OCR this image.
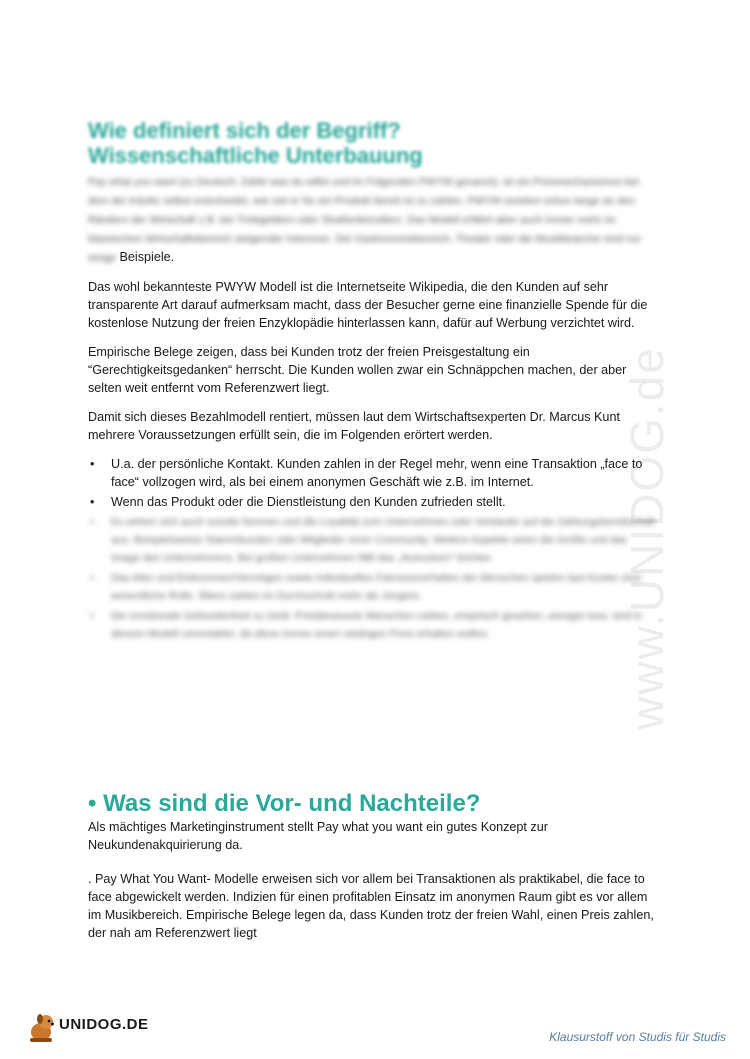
www.UNIDOG.de
Wie definiert sich der Begriff?
Wissenschaftliche Unterbauung

Pay what you want (zu Deutsch: Zahle was du willst und im Folgenden PWYW genannt), ist ein Preismechanismus bei dem der Käufer selbst entscheidet, wie viel er für ein Produkt bereit ist zu zahlen. PWYW existiert schon lange an den Rändern der Wirtschaft z.B. bei Trinkgeldern oder Straßenkünstlern. Das Modell erfährt aber auch immer mehr im klassischen Wirtschaftsbereich steigender Interesse. Der Gastronomiebereich, Theater oder die Musikbranche sind nur einige Beispiele.

Das wohl bekannteste PWYW Modell ist die Internetseite Wikipedia, die den Kunden auf sehr transparente Art darauf aufmerksam macht, dass der Besucher gerne eine finanzielle Spende für die kostenlose Nutzung der freien Enzyklopädie hinterlassen kann, dafür auf Werbung verzichtet wird.

Empirische Belege zeigen, dass bei Kunden trotz der freien Preisgestaltung ein “Gerechtigkeitsgedanken“ herrscht. Die Kunden wollen zwar ein Schnäppchen machen, der aber selten weit entfernt vom Referenzwert liegt.

Damit sich dieses Bezahlmodell rentiert, müssen laut dem Wirtschaftsexperten Dr. Marcus Kunt mehrere Voraussetzungen erfüllt sein, die im Folgenden erörtert werden.

• U.a. der persönliche Kontakt. Kunden zahlen in der Regel mehr, wenn eine Transaktion „face to face“ vollzogen wird, als bei einem anonymen Geschäft wie z.B. im Internet.
• Wenn das Produkt oder die Dienstleistung den Kunden zufrieden stellt.
• Es wirken sich auch soziale Normen und die Loyalität zum Unternehmen oder Verkäufer auf die Zahlungsbereitschaft aus. Beispielsweise Stammkunden oder Mitglieder einer Community. Weitere Aspekte seien die Größe und das Image des Unternehmens. Bei großen Unternehmen fällt das „Ausnutzen“ leichter.
• Das Alter und Einkommen/Vermögen sowie individuelles Fairnessverhalten der Menschen spielen laut Kunter eine wesentliche Rolle. Ältere zahlen im Durchschnitt mehr als Jüngere.
• Die emotionale Gebundenheit zu Geld. Preisbewusste Menschen zahlen, empirisch gesehen, weniger bzw. sind in diesem Modell unrentabler, da diese immer einen niedrigen Preis erhalten wollen.
• Was sind die Vor- und Nachteile?

Als mächtiges Marketinginstrument stellt Pay what you want ein gutes Konzept zur Neukundenakquirierung da.

. Pay What You Want- Modelle erweisen sich vor allem bei Transaktionen als praktikabel, die face to face abgewickelt werden. Indizien für einen profitablen Einsatz im anonymen Raum gibt es vor allem im Musikbereich. Empirische Belege legen da, dass Kunden trotz der freien Wahl, einen Preis zahlen, der nah am Referenzwert liegt

UNIDOG.DE
Klausurstoff von Studis für Studis
